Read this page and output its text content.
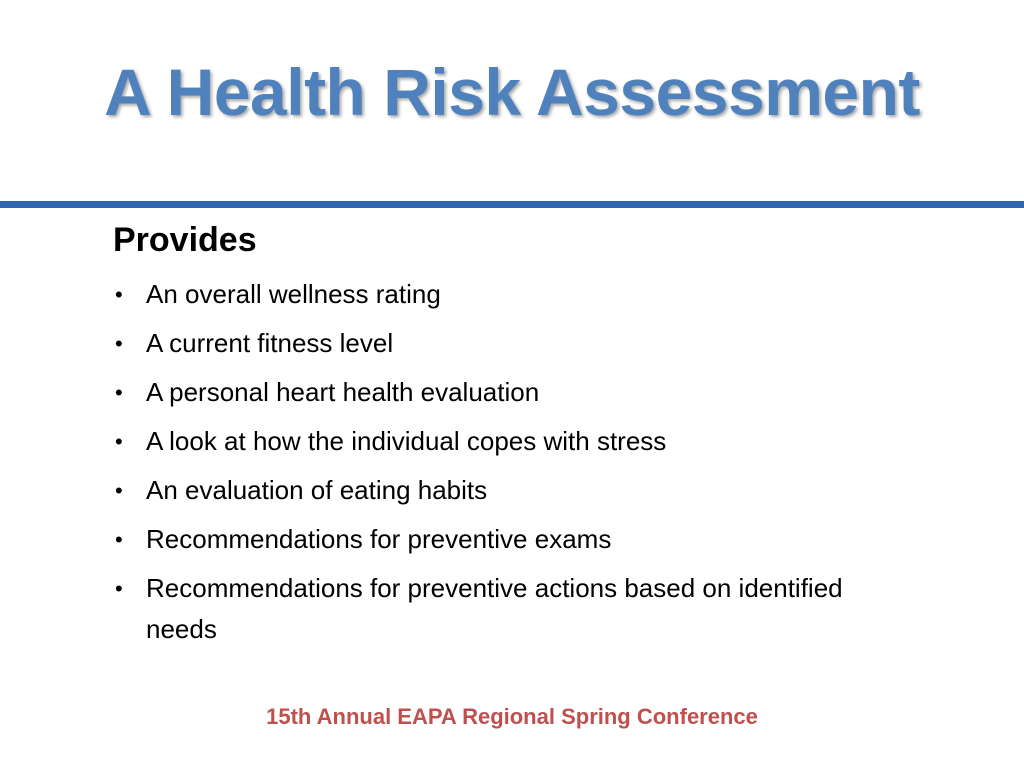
A Health Risk Assessment
Provides
• An overall wellness rating
• A current fitness level
• A personal heart health evaluation
• A look at how the individual copes with stress
• An evaluation of eating habits
• Recommendations for preventive exams
• Recommendations for preventive actions based on identified needs
15th Annual EAPA Regional Spring Conference
